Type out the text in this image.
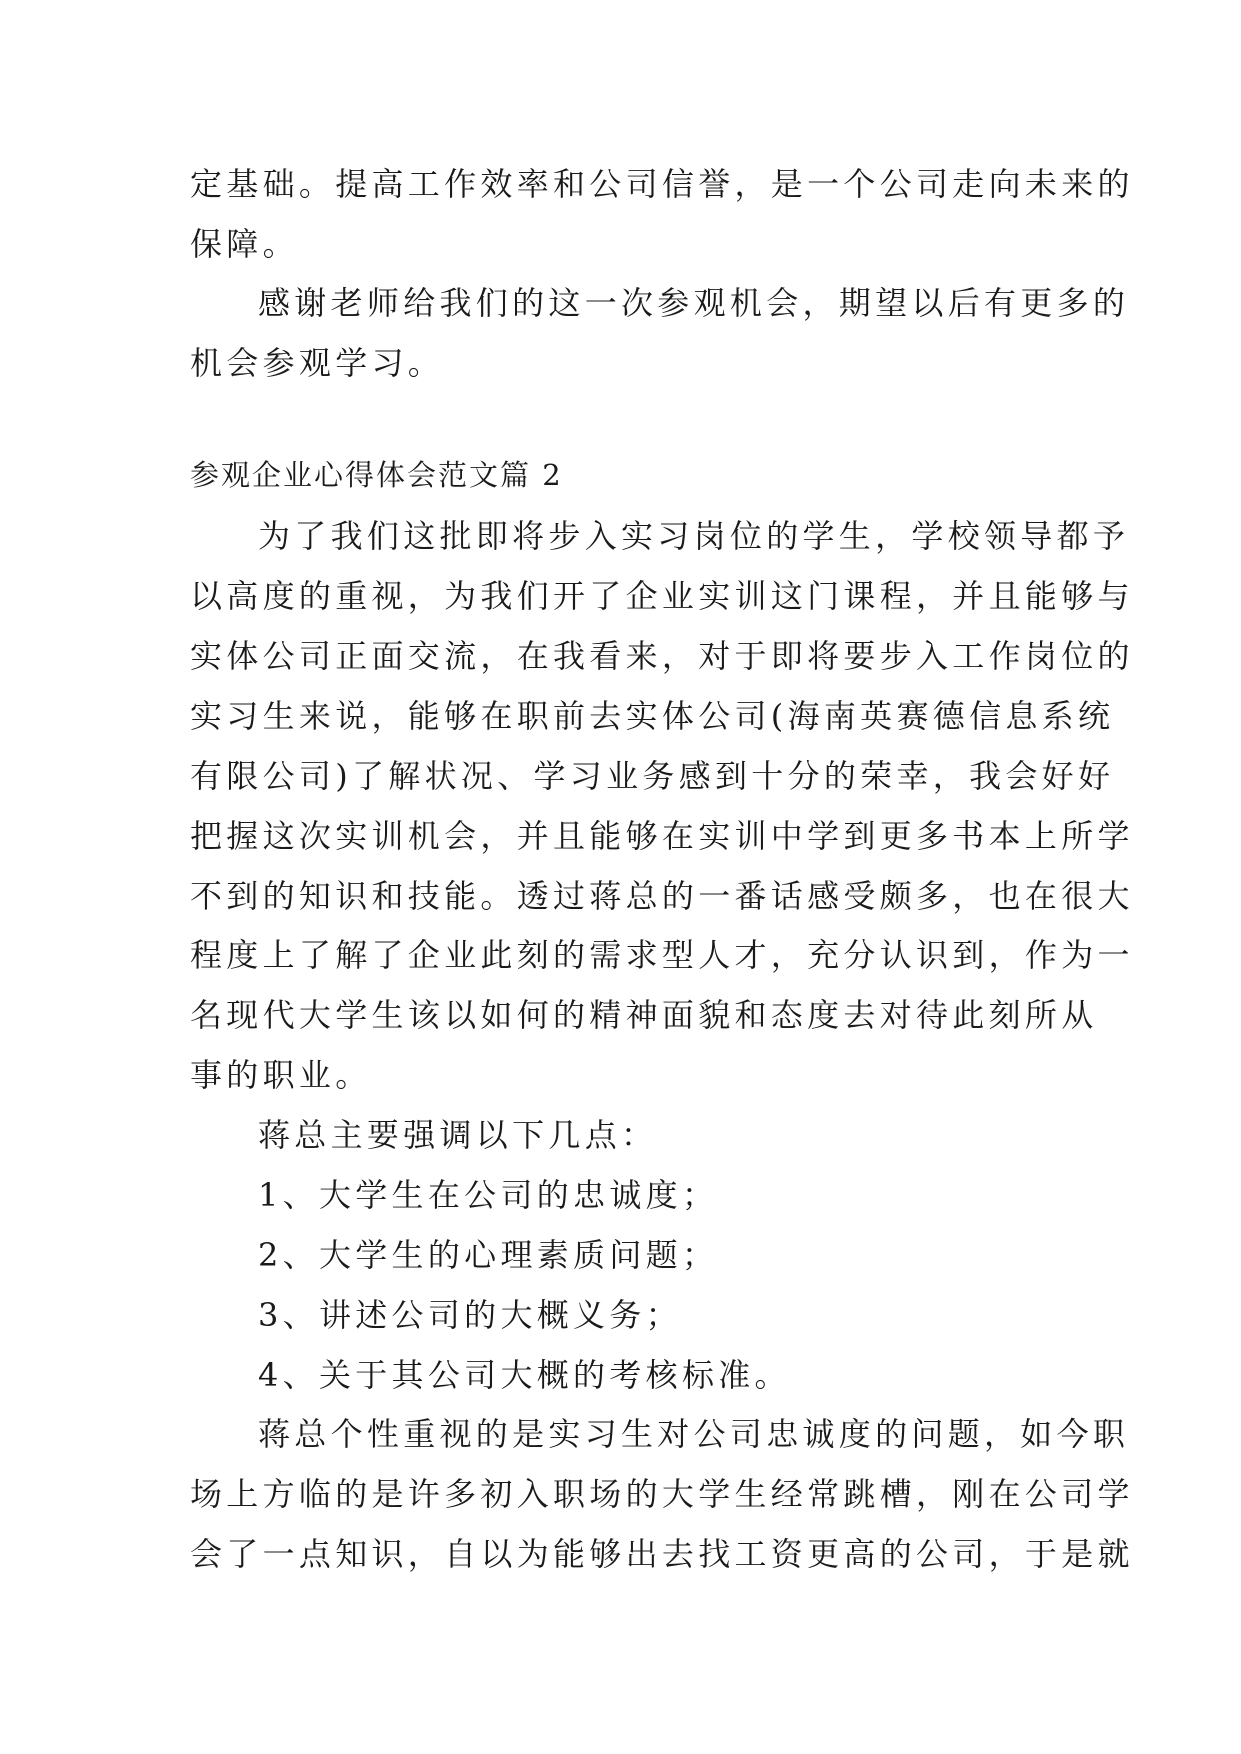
定基础。提高工作效率和公司信誉，是一个公司走向未来的
保障。
感谢老师给我们的这一次参观机会，期望以后有更多的
机会参观学习。
参观企业心得体会范文篇 2
为了我们这批即将步入实习岗位的学生，学校领导都予
以高度的重视，为我们开了企业实训这门课程，并且能够与
实体公司正面交流，在我看来，对于即将要步入工作岗位的
实习生来说，能够在职前去实体公司(海南英赛德信息系统
有限公司)了解状况、学习业务感到十分的荣幸，我会好好
把握这次实训机会，并且能够在实训中学到更多书本上所学
不到的知识和技能。透过蒋总的一番话感受颇多，也在很大
程度上了解了企业此刻的需求型人才，充分认识到，作为一
名现代大学生该以如何的精神面貌和态度去对待此刻所从
事的职业。
蒋总主要强调以下几点：
1、大学生在公司的忠诚度；
2、大学生的心理素质问题；
3、讲述公司的大概义务；
4、关于其公司大概的考核标准。
蒋总个性重视的是实习生对公司忠诚度的问题，如今职
场上方临的是许多初入职场的大学生经常跳槽，刚在公司学
会了一点知识，自以为能够出去找工资更高的公司，于是就
